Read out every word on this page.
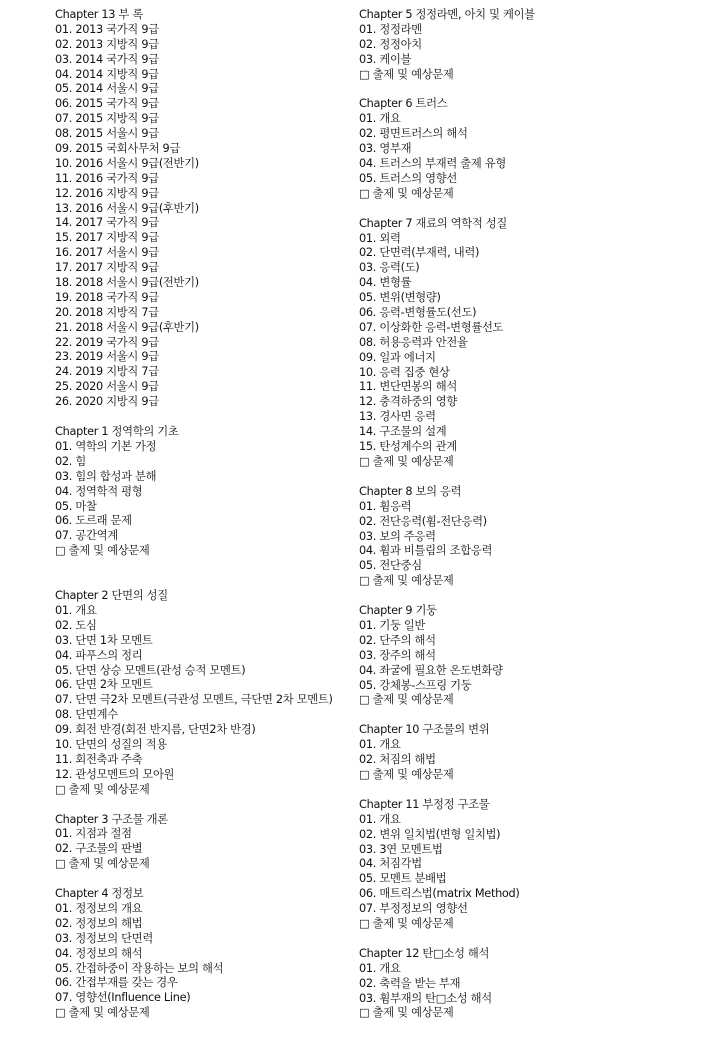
Chapter 13 부 록
01. 2013 국가직 9급
02. 2013 지방직 9급
03. 2014 국가직 9급
04. 2014 지방직 9급
05. 2014 서울시 9급
06. 2015 국가직 9급
07. 2015 지방직 9급
08. 2015 서울시 9급
09. 2015 국회사무처 9급
10. 2016 서울시 9급(전반기)
11. 2016 국가직 9급
12. 2016 지방직 9급
13. 2016 서울시 9급(후반기)
14. 2017 국가직 9급
15. 2017 지방직 9급
16. 2017 서울시 9급
17. 2017 지방직 9급
18. 2018 서울시 9급(전반기)
19. 2018 국가직 9급
20. 2018 지방직 7급
21. 2018 서울시 9급(후반기)
22. 2019 국가직 9급
23. 2019 서울시 9급
24. 2019 지방직 7급
25. 2020 서울시 9급
26. 2020 지방직 9급
Chapter 1 정역학의 기초
01. 역학의 기본 가정
02. 힘
03. 힘의 합성과 분해
04. 정역학적 평형
05. 마찰
06. 도르래 문제
07. 공간역계
□ 출제 및 예상문제
Chapter 2 단면의 성질
01. 개요
02. 도심
03. 단면 1차 모멘트
04. 파푸스의 정리
05. 단면 상승 모멘트(관성 승적 모멘트)
06. 단면 2차 모멘트
07. 단면 극2차 모멘트(극관성 모멘트, 극단면 2차 모멘트)
08. 단면계수
09. 회전 반경(회전 반지름, 단면2차 반경)
10. 단면의 성질의 적용
11. 회전축과 주축
12. 관성모멘트의 모아원
□ 출제 및 예상문제
Chapter 3 구조물 개론
01. 지점과 절점
02. 구조물의 판별
□ 출제 및 예상문제
Chapter 4 정정보
01. 정정보의 개요
02. 정정보의 해법
03. 정정보의 단면력
04. 정정보의 해석
05. 간접하중이 작용하는 보의 해석
06. 간접부재를 갖는 경우
07. 영향선(Influence Line)
□ 출제 및 예상문제
Chapter 5 정정라멘, 아치 및 케이블
01. 정정라멘
02. 정정아치
03. 케이블
□ 출제 및 예상문제
Chapter 6 트러스
01. 개요
02. 평면트러스의 해석
03. 영부재
04. 트러스의 부재력 출제 유형
05. 트러스의 영향선
□ 출제 및 예상문제
Chapter 7 재료의 역학적 성질
01. 외력
02. 단면력(부재력, 내력)
03. 응력(도)
04. 변형률
05. 변위(변형량)
06. 응력-변형률도(선도)
07. 이상화한 응력-변형률선도
08. 허용응력과 안전율
09. 일과 에너지
10. 응력 집중 현상
11. 변단면봉의 해석
12. 충격하중의 영향
13. 경사면 응력
14. 구조물의 설계
15. 탄성계수의 관계
□ 출제 및 예상문제
Chapter 8 보의 응력
01. 휨응력
02. 전단응력(휨-전단응력)
03. 보의 주응력
04. 휨과 비틀림의 조합응력
05. 전단중심
□ 출제 및 예상문제
Chapter 9 기둥
01. 기둥 일반
02. 단주의 해석
03. 장주의 해석
04. 좌굴에 필요한 온도변화량
05. 강체봉-스프링 기둥
□ 출제 및 예상문제
Chapter 10 구조물의 변위
01. 개요
02. 처짐의 해법
□ 출제 및 예상문제
Chapter 11 부정정 구조물
01. 개요
02. 변위 일치법(변형 일치법)
03. 3연 모멘트법
04. 처짐각법
05. 모멘트 분배법
06. 매트릭스법(matrix Method)
07. 부정정보의 영향선
□ 출제 및 예상문제
Chapter 12 탄□소성 해석
01. 개요
02. 축력을 받는 부재
03. 휨부재의 탄□소성 해석
□ 출제 및 예상문제
